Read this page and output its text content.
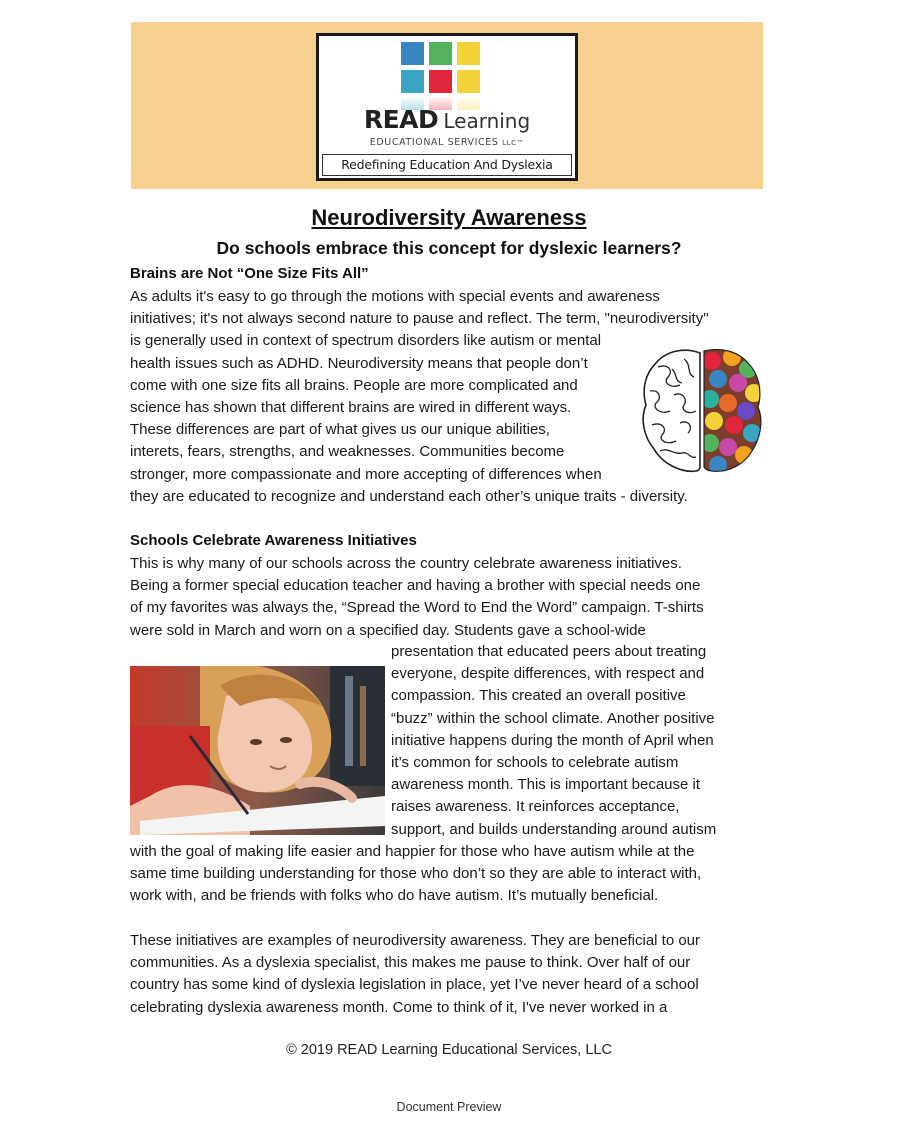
READ Learning
EDUCATIONAL SERVICES LLC™
Redefining Education And Dyslexia
Neurodiversity Awareness
Do schools embrace this concept for dyslexic learners?
Brains are Not “One Size Fits All”
As adults it's easy to go through the motions with special events and awareness
initiatives; it's not always second nature to pause and reflect. The term, "neurodiversity"
is generally used in context of spectrum disorders like autism or mental
health issues such as ADHD. Neurodiversity means that people don’t
come with one size fits all brains. People are more complicated and
science has shown that different brains are wired in different ways.
These differences are part of what gives us our unique abilities,
interets, fears, strengths, and weaknesses. Communities become
stronger, more compassionate and more accepting of differences when
they are educated to recognize and understand each other’s unique traits - diversity.
Schools Celebrate Awareness Initiatives
This is why many of our schools across the country celebrate awareness initiatives.
Being a former special education teacher and having a brother with special needs one
of my favorites was always the, “Spread the Word to End the Word” campaign. T-shirts
were sold in March and worn on a specified day. Students gave a school-wide
presentation that educated peers about treating
everyone, despite differences, with respect and
compassion. This created an overall positive
“buzz” within the school climate. Another positive
initiative happens during the month of April when
it’s common for schools to celebrate autism
awareness month. This is important because it
raises awareness. It reinforces acceptance,
support, and builds understanding around autism
with the goal of making life easier and happier for those who have autism while at the
same time building understanding for those who don’t so they are able to interact with,
work with, and be friends with folks who do have autism. It’s mutually beneficial.
These initiatives are examples of neurodiversity awareness. They are beneficial to our
communities. As a dyslexia specialist, this makes me pause to think. Over half of our
country has some kind of dyslexia legislation in place, yet I’ve never heard of a school
celebrating dyslexia awareness month. Come to think of it, I've never worked in a
© 2019 READ Learning Educational Services, LLC
Document Preview
